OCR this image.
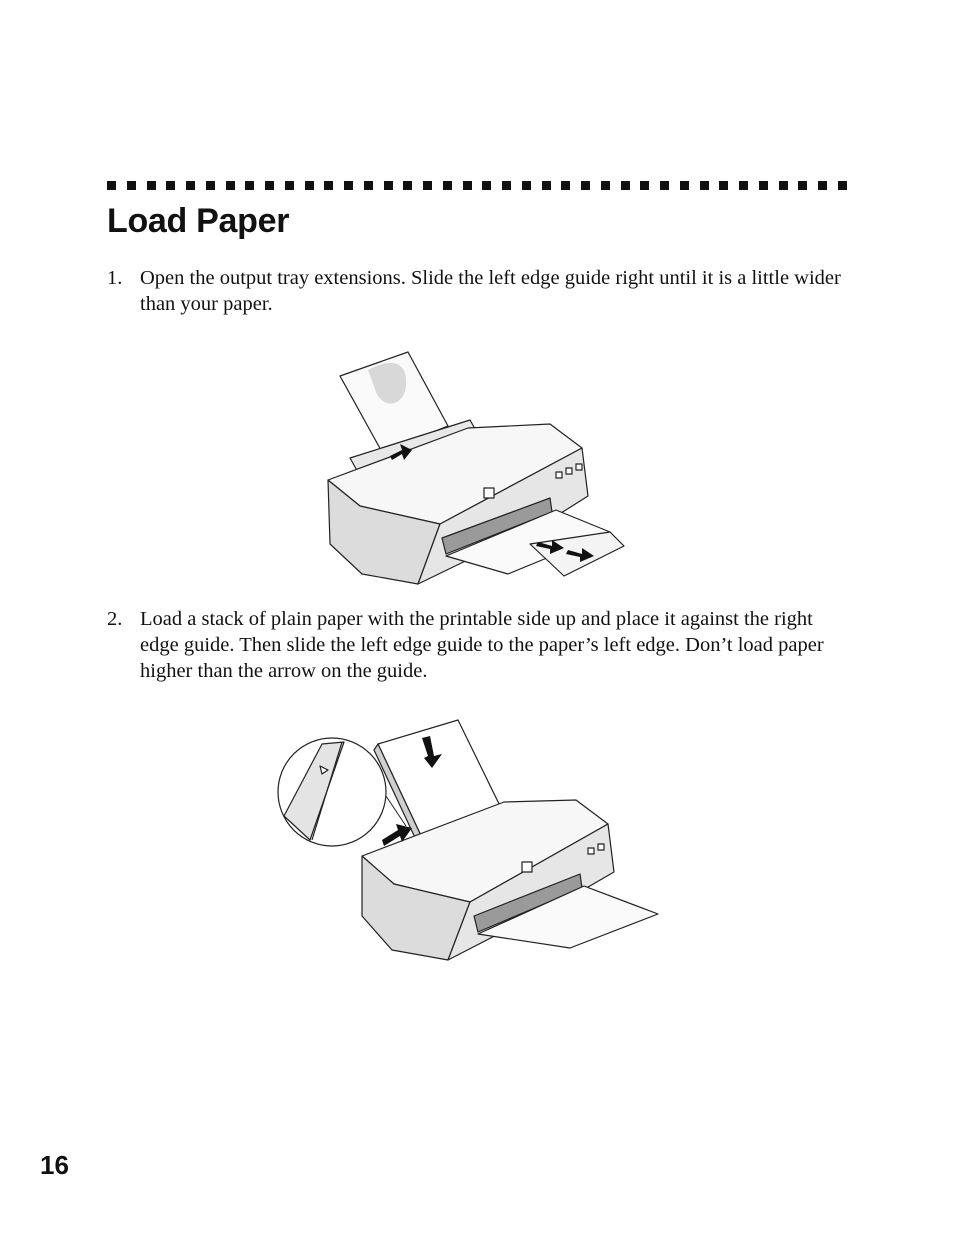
Load Paper
1. Open the output tray extensions. Slide the left edge guide right until it is a little wider than your paper.
2. Load a stack of plain paper with the printable side up and place it against the right edge guide. Then slide the left edge guide to the paper’s left edge. Don’t load paper higher than the arrow on the guide.

16
